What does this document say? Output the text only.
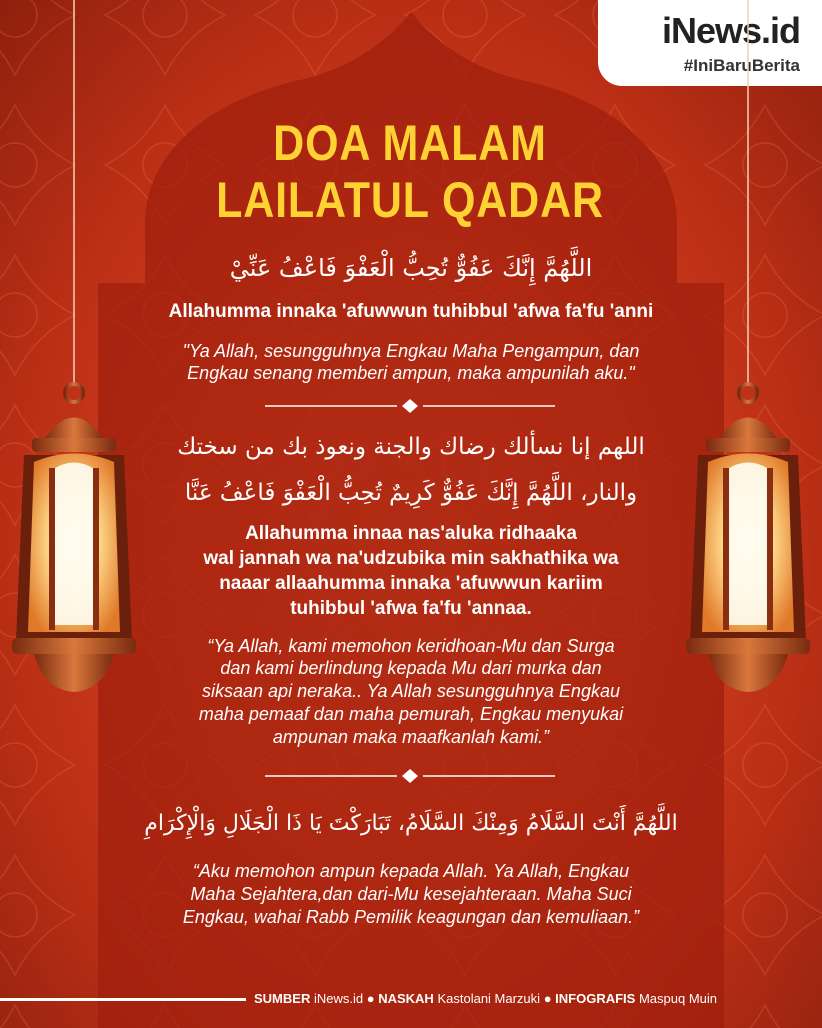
iNews.id
#IniBaruBerita
DOA MALAM
LAILATUL QADAR
اللَّهُمَّ إِنَّكَ عَفُوٌّ تُحِبُّ الْعَفْوَ فَاعْفُ عَنِّيْ
Allahumma innaka 'afuwwun tuhibbul 'afwa fa'fu 'anni
"Ya Allah, sesungguhnya Engkau Maha Pengampun, dan
Engkau senang memberi ampun, maka ampunilah aku."
اللهم إنا نسألك رضاك والجنة ونعوذ بك من سختك
والنار، اللَّهُمَّ إِنَّكَ عَفُوٌّ كَرِيمٌ تُحِبُّ الْعَفْوَ فَاعْفُ عَنَّا
Allahumma innaa nas'aluka ridhaaka
wal jannah wa na'udzubika min sakhathika wa
naaar allaahumma innaka 'afuwwun kariim
tuhibbul 'afwa fa'fu 'annaa.
“Ya Allah, kami memohon keridhoan-Mu dan Surga
dan kami berlindung kepada Mu dari murka dan
siksaan api neraka.. Ya Allah sesungguhnya Engkau
maha pemaaf dan maha pemurah, Engkau menyukai
ampunan maka maafkanlah kami.”
اللَّهُمَّ أَنْتَ السَّلَامُ وَمِنْكَ السَّلَامُ، تَبَارَكْتَ يَا ذَا الْجَلَالِ وَالْإِكْرَامِ
“Aku memohon ampun kepada Allah. Ya Allah, Engkau
Maha Sejahtera,dan dari-Mu kesejahteraan. Maha Suci
Engkau, wahai Rabb Pemilik keagungan dan kemuliaan.”
SUMBER iNews.id ● NASKAH Kastolani Marzuki ● INFOGRAFIS Maspuq Muin
